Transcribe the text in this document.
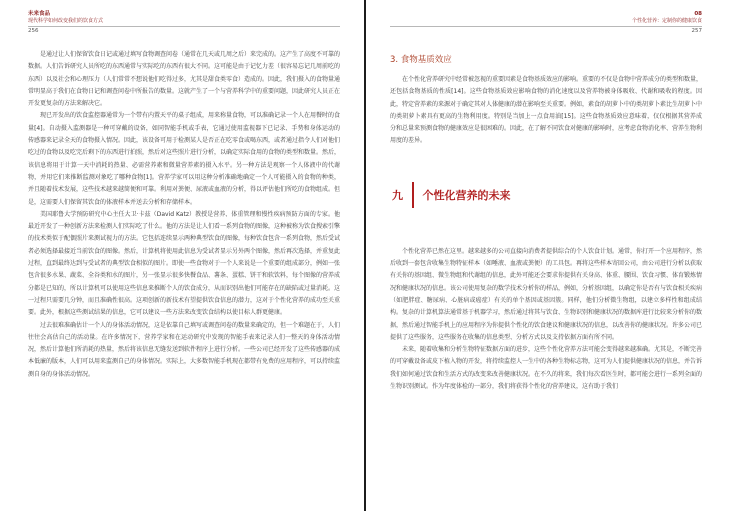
未来食品
现代科学如何改变我们的饮食方式
256

是通过让人们保留饮食日记或通过填写食物调查问卷（通常在几天或几周之后）来完成的。这产生了高度不可靠的数据。人们告诉研究人员所吃的东西通常与实际吃的东西有很大不同。这可能是由于记忆力差（很容易忘记几周前吃的东西）以及社会和心理压力（人们常常不想说他们吃得过多，尤其是甜食类零食）造成的。因此，我们摄入的食物量通常明显高于我们在食物日记和调查问卷中所报告的数量。这就产生了一个与营养科学中的重要问题，因此研究人员正在开发更复杂的方法来解决它。

现已开发出的饮食监控器通常为一个带有内置天平的桌子组成，用来称量食物，可以准确记录一个人在用餐时的食量[4]。自动摄入监测器是一种可穿戴的设备，如同智能手机或手表，它通过使用监视器下已记录、手势和身体运动的传感器来记录全天的食物摄入情况。因此，该设备可用于检测某人是否正在吃零食或喝东西，或者通过指令人们对他们吃过的食物以及吃完后剩下的东西进行拍照，然后对这些照片进行分析，以确定实际食用的食物的类型和数量。然后，该信息将用于计算一天中消耗的热量、必需营养素和微量营养素的摄入水平。另一种方法是观察一个人体液中的代谢物，并用它们来推断监测对象吃了哪种食物[1]。营养学家可以用这种分析准确地确定一个人可能摄入的食物的种类，并且随着技术发展，这些技术越来越简便和可靠。利用对粪便、尿液或血液的分析，得以评估他们所吃的食物组成。但是，这需要人们保留其饮食的体液样本并送去分析和存储样本。

美国耶鲁大学预防研究中心主任大卫·卡兹（David Katz）教授是营养、体重管理和慢性疾病预防方面的专家。他最近开发了一种创新方法来检测人们实际吃了什么。他的方法是让人们看一系列食物的图像，这种被称为饮食搜索引擎的技术类似于配偶照片来测试视力的方法。它包括连续显示两种典型饮食的图像，每种饮食包含一系列食物，然后受试者必须选择最接近当前饮食的图像。然后，计算机将使用此信息为受试者显示另外两个图像，然后再次选择，并重复此过程，直到最终达到与受试者的典型饮食相似的图片。即使一些食物对于一个人来说是一个重要的组成部分，例如一张包含很多水果、蔬菜、全谷类和水的图片，另一张显示很多快餐食品、薯条、蛋糕、饼干和软饮料，每个图像的营养成分都是已知的，所以计算机可以使用这些信息来推断个人的饮食成分，从而识别出他们可能存在的缺陷或过量消耗。这一过程只需要几分钟，而且准确性很高。这项创新的新技术有望提供饮食信息的潜力，这对于个性化营养的成功至关重要。此外，根据这些测试结果的信息，它可以建议一些方法来改变饮食结构以使目标人群更健康。

过去很难准确估计一个人的身体活动情况，这是依靠自己填写或调查问卷的数量来确定的，但一个难题在于，人们往往会高估自己的活动量。在许多情况下，营养学家和在运动研究中发现的智能手表来记录人们一整天的身体活动情况，然后计算他们所消耗的热量，然后将该信息无缝发送到软件程序上进行分析。一些公司已经开发了这些传感器的成本低廉的版本，人们可以用来监测自己的身体情况。实际上，大多数智能手机现在都带有免费的应用程序，可以持续监测自身的身体活动情况。

08
个性化营养：定制你的健康饮食
257
3. 食物基质效应

在个性化营养研究中经常被忽视的重要因素是食物基质效应的影响。重要的不仅是食物中营养成分的类型和数量，还包括食物基质的性质[14]。这些食物基质效应影响食物的消化速度以及营养物被身体吸收、代谢和吸收的程度。因此，特定营养素的来源对于确定其对人体健康的潜在影响至关重要。例如，素食的胡萝卜中的类胡萝卜素比生胡萝卜中的类胡萝卜素具有更高的生物利用度。特别是当加上一点食用油[15]。这些食物基质效应意味着，仅仅根据其营养成分和总量来预测食物的健康效应是很困难的。因此，在了解不同饮食对健康的影响时，应考虑食物消化率、营养生物利用度的差异。

九	个性化营养的未来

个性化营养已然在这里。越来越多的公司直接向消费者提供综合的个人饮食计划。通常，你打开一个应用程序，然后收到一套包含收集生物特征样本（如唾液、血液或粪便）的工具包。再将这些样本寄回公司，由公司进行分析以获取有关你的基因组、微生物组和代谢组的信息，此外可能还会要求你提供有关身高、体重、腰围、饮食习惯、体育锻炼情况和健康状况的信息。该公司使用复杂的数学技术分析你的样品，例如，分析基因组，以确定你是否有与饮食相关疾病（如肥胖症、糖尿病、心脏病或癌症）有关的单个基因或基因簇。同样，他们分析微生物组，以建立多样性和组成结构。复杂的计算机算法通常基于机器学习，然后通过将其与饮食、生物识别和健康状况的数据库进行比较来分析你的数据，然后通过智能手机上的应用程序为你提供个性化的饮食建议和健康状况的信息，以改善你的健康状况。许多公司已提供了这些服务，这些服务在收集的信息类型、分析方式以及支持依据方面有所不同。

未来，随着收集和分析生物特征数据方面的进步，这些个性化营养方法可能会变得越来越准确。尤其是，不断完善的可穿戴设备或皮下植入物的开发，将持续监控人一生中的各种生物标志物，这可为人们提供健康状况的信息，并告诉我们如何通过饮食和生活方式的改变来改善健康状况。在不久的将来，我们每次看医生时，都可能会进行一系列全面的生物识别测试。作为年度体检的一部分，我们将获得个性化的营养建议，这有助于我们
